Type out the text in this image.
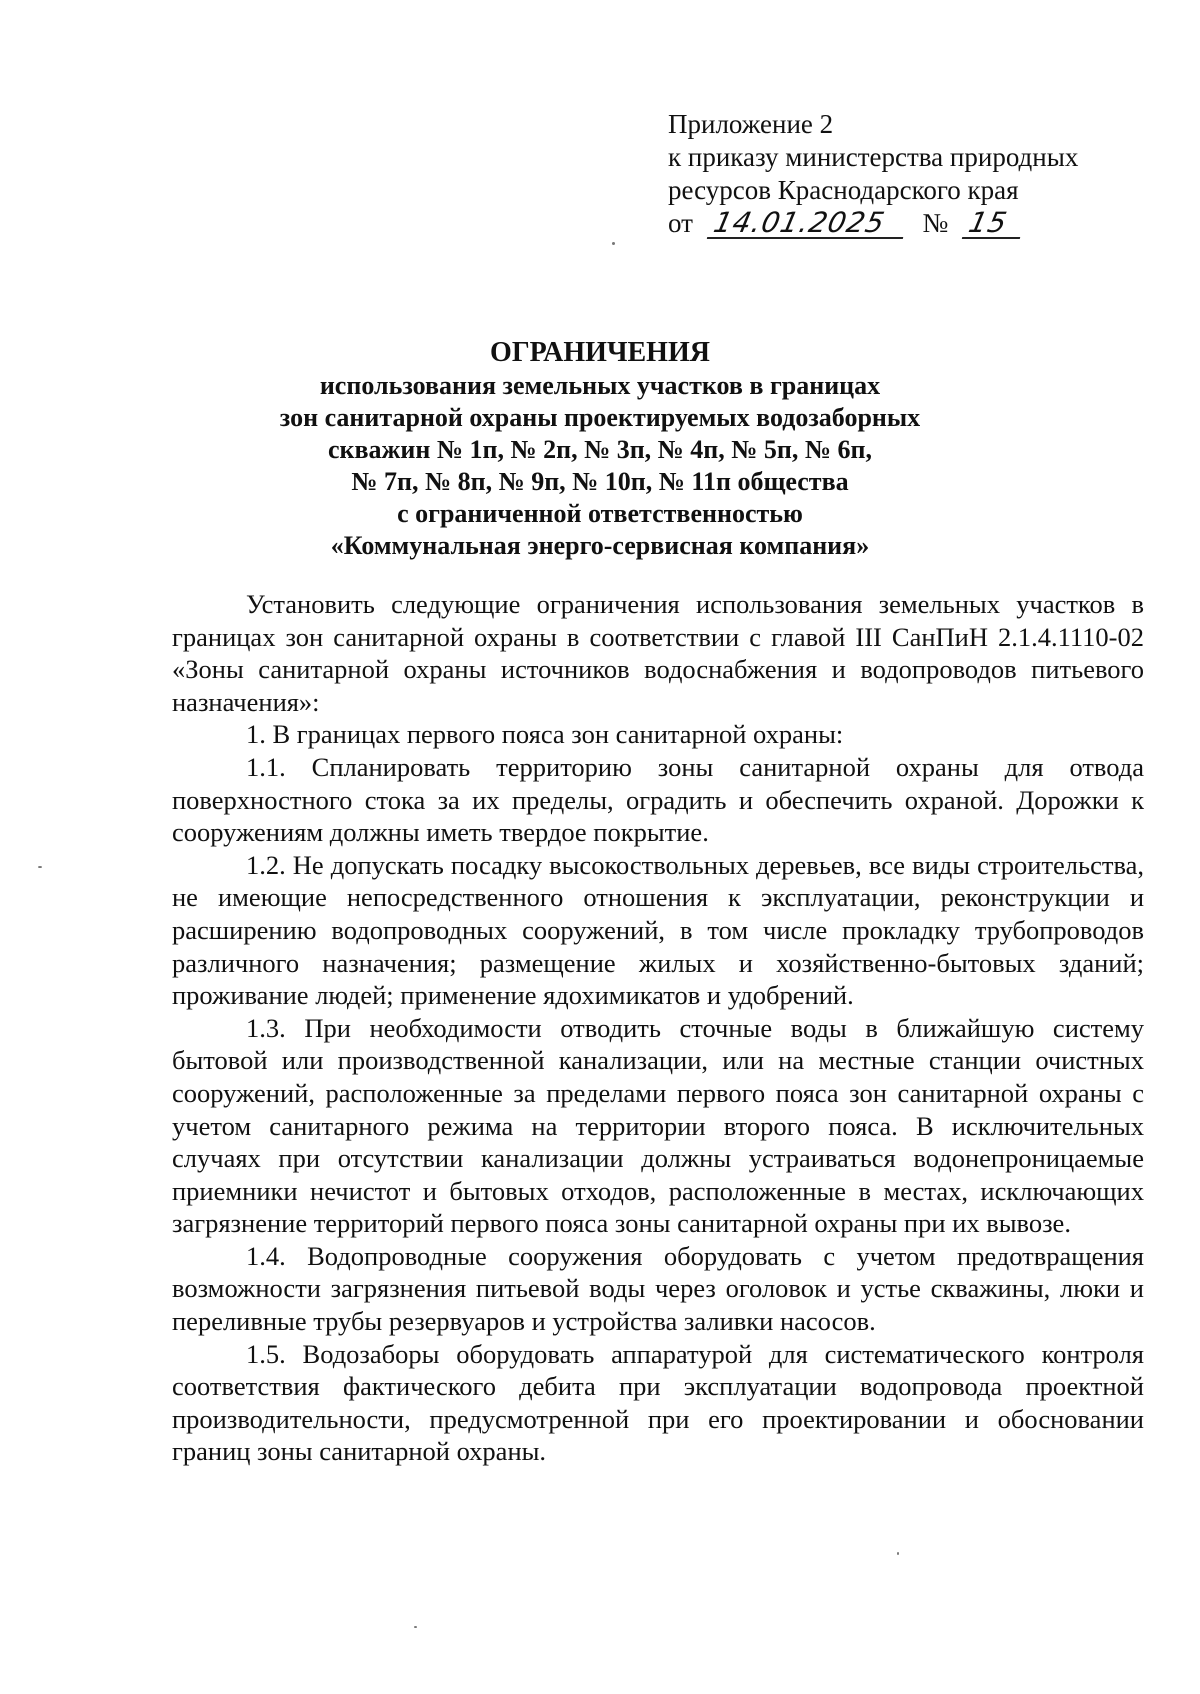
Приложение 2
к приказу министерства природных
ресурсов Краснодарского края
от 14.01.2025 № 15
ОГРАНИЧЕНИЯ
использования земельных участков в границах
зон санитарной охраны проектируемых водозаборных
скважин № 1п, № 2п, № 3п, № 4п, № 5п, № 6п,
№ 7п, № 8п, № 9п, № 10п, № 11п общества
с ограниченной ответственностью
«Коммунальная энерго-сервисная компания»

Установить следующие ограничения использования земельных участков в границах зон санитарной охраны в соответствии с главой III СанПиН 2.1.4.1110-02 «Зоны санитарной охраны источников водоснабжения и водопроводов питьевого назначения»:

1. В границах первого пояса зон санитарной охраны:

1.1. Спланировать территорию зоны санитарной охраны для отвода поверхностного стока за их пределы, оградить и обеспечить охраной. Дорожки к сооружениям должны иметь твердое покрытие.

1.2. Не допускать посадку высокоствольных деревьев, все виды строительства, не имеющие непосредственного отношения к эксплуатации, реконструкции и расширению водопроводных сооружений, в том числе прокладку трубопроводов различного назначения; размещение жилых и хозяйственно-бытовых зданий; проживание людей; применение ядохимикатов и удобрений.

1.3. При необходимости отводить сточные воды в ближайшую систему бытовой или производственной канализации, или на местные станции очистных сооружений, расположенные за пределами первого пояса зон санитарной охраны с учетом санитарного режима на территории второго пояса. В исключительных случаях при отсутствии канализации должны устраиваться водонепроницаемые приемники нечистот и бытовых отходов, расположенные в местах, исключающих загрязнение территорий первого пояса зоны санитарной охраны при их вывозе.

1.4. Водопроводные сооружения оборудовать с учетом предотвращения возможности загрязнения питьевой воды через оголовок и устье скважины, люки и переливные трубы резервуаров и устройства заливки насосов.

1.5. Водозаборы оборудовать аппаратурой для систематического контроля соответствия фактического дебита при эксплуатации водопровода проектной производительности, предусмотренной при его проектировании и обосновании границ зоны санитарной охраны.
